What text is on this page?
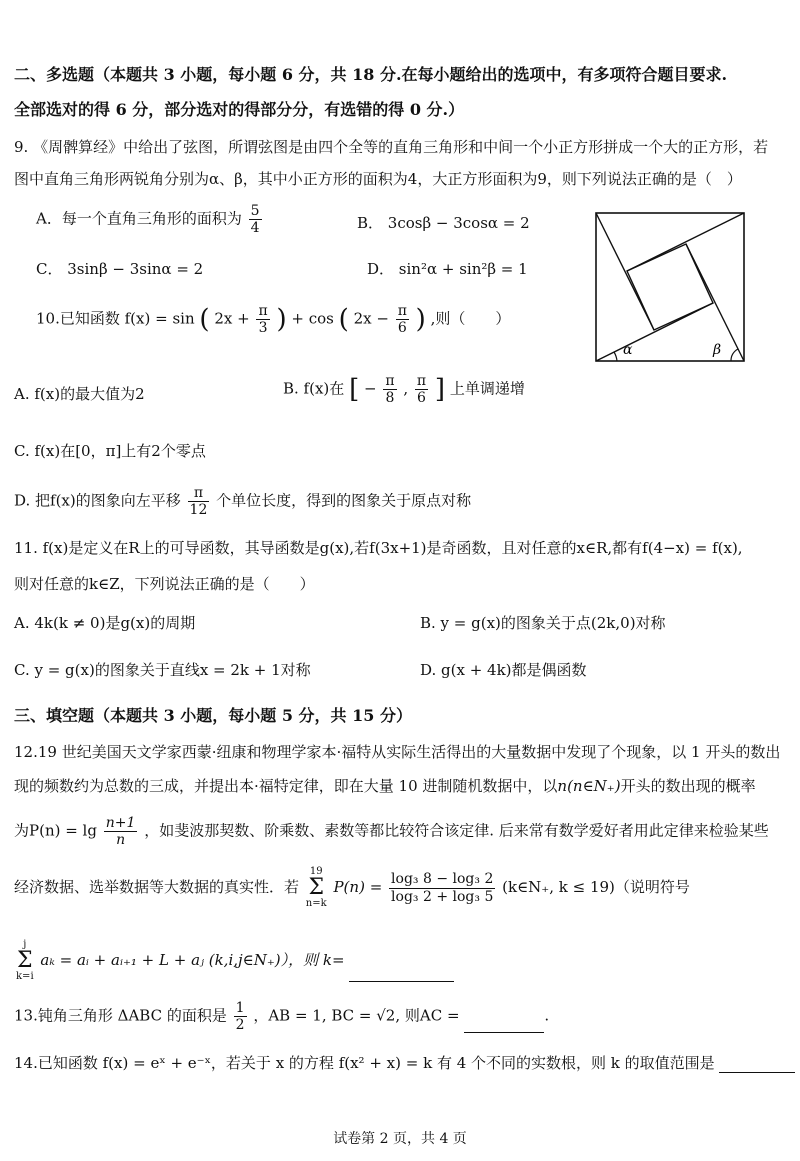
二、多选题（本题共 3 小题，每小题 6 分，共 18 分.在每小题给出的选项中，有多项符合题目要求.
全部选对的得 6 分，部分选对的得部分分，有选错的得 0 分.）
9. 《周髀算经》中给出了弦图，所谓弦图是由四个全等的直角三角形和中间一个小正方形拼成一个大的正方形，若
图中直角三角形两锐角分别为α、β，其中小正方形的面积为4，大正方形面积为9，则下列说法正确的是（　）
A．每一个直角三角形的面积为 $\frac{5}{4}$	B． 3cosβ − 3cosα = 2
C． 3sinβ − 3sinα = 2	D． sin²α + sin²β = 1
α	β
10.已知函数 f(x) = sin ( $2x + \frac{\pi}{3}$ ) + cos ( $2x - \frac{\pi}{6}$ ) ,则（　　）
A. f(x)的最大值为2	B. f(x)在 [ − $\frac{\pi}{8}$ , $\frac{\pi}{6}$ ] 上单调递增
C. f(x)在[0，π]上有2个零点
D. 把f(x)的图象向左平移 $\frac{\pi}{12}$ 个单位长度，得到的图象关于原点对称
11. f(x)是定义在R上的可导函数，其导函数是g(x),若f(3x+1)是奇函数，且对任意的x∈R,都有f(4−x) = f(x),
则对任意的k∈Z，下列说法正确的是（　　）
A. 4k(k ≠ 0)是g(x)的周期	B. y = g(x)的图象关于点(2k,0)对称
C. y = g(x)的图象关于直线x = 2k + 1对称	D. g(x + 4k)都是偶函数
三、填空题（本题共 3 小题，每小题 5 分，共 15 分）
12.19 世纪美国天文学家西蒙·纽康和物理学家本·福特从实际生活得出的大量数据中发现了个现象，以 1 开头的数出
现的频数约为总数的三成，并提出本·福特定律，即在大量 10 进制随机数据中，以n(n∈N₊)开头的数出现的概率
为$P(n) = \lg \frac{n+1}{n}$ ，如斐波那契数、阶乘数、素数等都比较符合该定律. 后来常有数学爱好者用此定律来检验某些
经济数据、选举数据等大数据的真实性．若
19
Σ
n=k
$P(n) = \frac{\text{log₃ 8 − log₃ 2}}{\text{log₃ 2 + log₃ 5}}$ (k∈N₊, k ≤ 19)（说明符号
j
Σ
k=i
aₖ = aᵢ + aᵢ₊₁ + L + aⱼ (k,i,j∈N₊)），则 k=
13.钝角三角形 ΔABC 的面积是 $\frac{1}{2}$ ，AB = 1, BC = √2, 则AC =	.
14.已知函数 f(x) = eˣ + e⁻ˣ，若关于 x 的方程 f(x² + x) = k 有 4 个不同的实数根，则 k 的取值范围是
试卷第 2 页，共 4 页
